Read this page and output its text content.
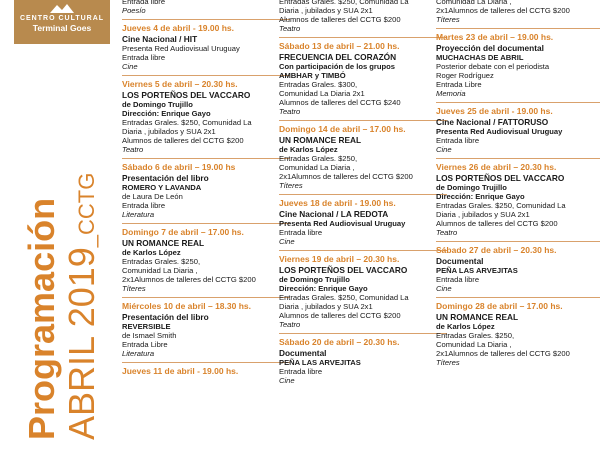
CENTRO CULTURAL
Terminal Goes
Programación ABRIL 2019_CCTG
Entrada libre
Poesío
Jueves 4 de abril - 19.00 hs.
Cine Nacional / HIT
Presenta Red Audiovisual Uruguay
Entrada libre
Cine
Viernes 5 de abril – 20.30 hs.
LOS PORTEÑOS DEL VACCARO
de Domingo Trujillo
Dirección: Enrique Gayo
Entradas Grales. $250, Comunidad La
Diaria , jubilados y SUA 2x1
Alumnos de talleres del CCTG $200
Teatro
Sábado 6 de abril – 19.00 hs
Presentación del libro
ROMERO Y LAVANDA
de Laura De León
Entrada libre
Literatura
Domingo 7 de abril – 17.00 hs.
UN ROMANCE REAL
de Karlos López
Entradas Grales. $250,
Comunidad La Diaria ,
2x1Alumnos de talleres del CCTG $200
Títeres
Miércoles 10 de abril – 18.30 hs.
Presentación del libro
REVERSIBLE
de Ismael Smith
Entrada Libre
Literatura
Jueves 11 de abril - 19.00 hs.
Entradas Grales. $250, Comunidad La
Diaria , jubilados y SUA 2x1
Alumnos de talleres del CCTG $200
Teatro
Sábado 13 de abril – 21.00 hs.
FRECUENCIA DEL CORAZÓN
Con participación de los grupos
AMBHAR y TIMBÓ
Entradas Grales. $300,
Comunidad La Diaria 2x1
Alumnos de talleres del CCTG $240
Teatro
Domingo 14 de abril – 17.00 hs.
UN ROMANCE REAL
de Karlos López
Entradas Grales. $250,
Comunidad La Diaria ,
2x1Alumnos de talleres del CCTG $200
Títeres
Jueves 18 de abril - 19.00 hs.
Cine Nacional / LA REDOTA
Presenta Red Audiovisual Uruguay
Entrada libre
Cine
Viernes 19 de abril – 20.30 hs.
LOS PORTEÑOS DEL VACCARO
de Domingo Trujillo
Dirección: Enrique Gayo
Entradas Grales. $250, Comunidad La
Diaria , jubilados y SUA 2x1
Alumnos de talleres del CCTG $200
Teatro
Sábado 20 de abril – 20.30 hs.
Documental
PEÑA LAS ARVEJITAS
Entrada libre
Cine
Comunidad La Diaria ,
2x1Alumnos de talleres del CCTG $200
Títeres
Martes 23 de abril – 19.00 hs.
Proyección del documental
MUCHACHAS DE ABRIL
Posterior debate con el periodista
Roger Rodríguez
Entrada Libre
Memoria
Jueves 25 de abril - 19.00 hs.
Cine Nacional / FATTORUSO
Presenta Red Audiovisual Uruguay
Entrada libre
Cine
Viernes 26 de abril – 20.30 hs.
LOS PORTEÑOS DEL VACCARO
de Domingo Trujillo
Dirección: Enrique Gayo
Entradas Grales. $250, Comunidad La
Diaria , jubilados y SUA 2x1
Alumnos de talleres del CCTG $200
Teatro
Sábado 27 de abril – 20.30 hs.
Documental
PEÑA LAS ARVEJITAS
Entrada libre
Cine
Domingo 28 de abril – 17.00 hs.
UN ROMANCE REAL
de Karlos López
Entradas Grales. $250,
Comunidad La Diaria ,
2x1Alumnos de talleres del CCTG $200
Títeres
